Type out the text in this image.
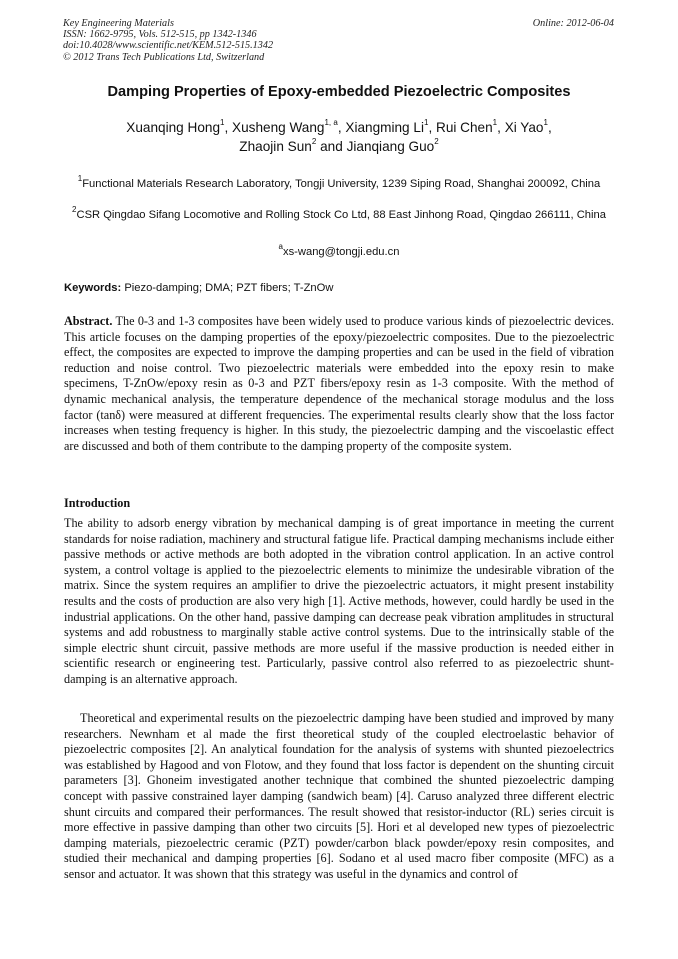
Key Engineering Materials
ISSN: 1662-9795, Vols. 512-515, pp 1342-1346
doi:10.4028/www.scientific.net/KEM.512-515.1342
© 2012 Trans Tech Publications Ltd, Switzerland
Online: 2012-06-04
Damping Properties of Epoxy-embedded Piezoelectric Composites
Xuanqing Hong$^1$, Xusheng Wang$^{1, a}$, Xiangming Li$^1$, Rui Chen$^1$, Xi Yao$^1$,
Zhaojin Sun$^2$ and Jianqiang Guo$^2$
$^1$Functional Materials Research Laboratory, Tongji University, 1239 Siping Road, Shanghai 200092, China
$^2$CSR Qingdao Sifang Locomotive and Rolling Stock Co Ltd, 88 East Jinhong Road, Qingdao 266111, China
$^a$xs-wang@tongji.edu.cn
Keywords: Piezo-damping; DMA; PZT fibers; T-ZnOw
Abstract. The 0-3 and 1-3 composites have been widely used to produce various kinds of piezoelectric devices. This article focuses on the damping properties of the epoxy/piezoelectric composites. Due to the piezoelectric effect, the composites are expected to improve the damping properties and can be used in the field of vibration reduction and noise control. Two piezoelectric materials were embedded into the epoxy resin to make specimens, T-ZnOw/epoxy resin as 0-3 and PZT fibers/epoxy resin as 1-3 composite. With the method of dynamic mechanical analysis, the temperature dependence of the mechanical storage modulus and the loss factor (tanδ) were measured at different frequencies. The experimental results clearly show that the loss factor increases when testing frequency is higher. In this study, the piezoelectric damping and the viscoelastic effect are discussed and both of them contribute to the damping property of the composite system.
Introduction
The ability to adsorb energy vibration by mechanical damping is of great importance in meeting the current standards for noise radiation, machinery and structural fatigue life. Practical damping mechanisms include either passive methods or active methods are both adopted in the vibration control application. In an active control system, a control voltage is applied to the piezoelectric elements to minimize the undesirable vibration of the matrix. Since the system requires an amplifier to drive the piezoelectric actuators, it might present instability results and the costs of production are also very high [1]. Active methods, however, could hardly be used in the industrial applications. On the other hand, passive damping can decrease peak vibration amplitudes in structural systems and add robustness to marginally stable active control systems. Due to the intrinsically stable of the simple electric shunt circuit, passive methods are more useful if the massive production is needed either in scientific research or engineering test. Particularly, passive control also referred to as piezoelectric shunt-damping is an alternative approach.
Theoretical and experimental results on the piezoelectric damping have been studied and improved by many researchers. Newnham et al made the first theoretical study of the coupled electroelastic behavior of piezoelectric composites [2]. An analytical foundation for the analysis of systems with shunted piezoelectrics was established by Hagood and von Flotow, and they found that loss factor is dependent on the shunting circuit parameters [3]. Ghoneim investigated another technique that combined the shunted piezoelectric damping concept with passive constrained layer damping (sandwich beam) [4]. Caruso analyzed three different electric shunt circuits and compared their performances. The result showed that resistor-inductor (RL) series circuit is more effective in passive damping than other two circuits [5]. Hori et al developed new types of piezoelectric damping materials, piezoelectric ceramic (PZT) powder/carbon black powder/epoxy resin composites, and studied their mechanical and damping properties [6]. Sodano et al used macro fiber composite (MFC) as a sensor and actuator. It was shown that this strategy was useful in the dynamics and control of
